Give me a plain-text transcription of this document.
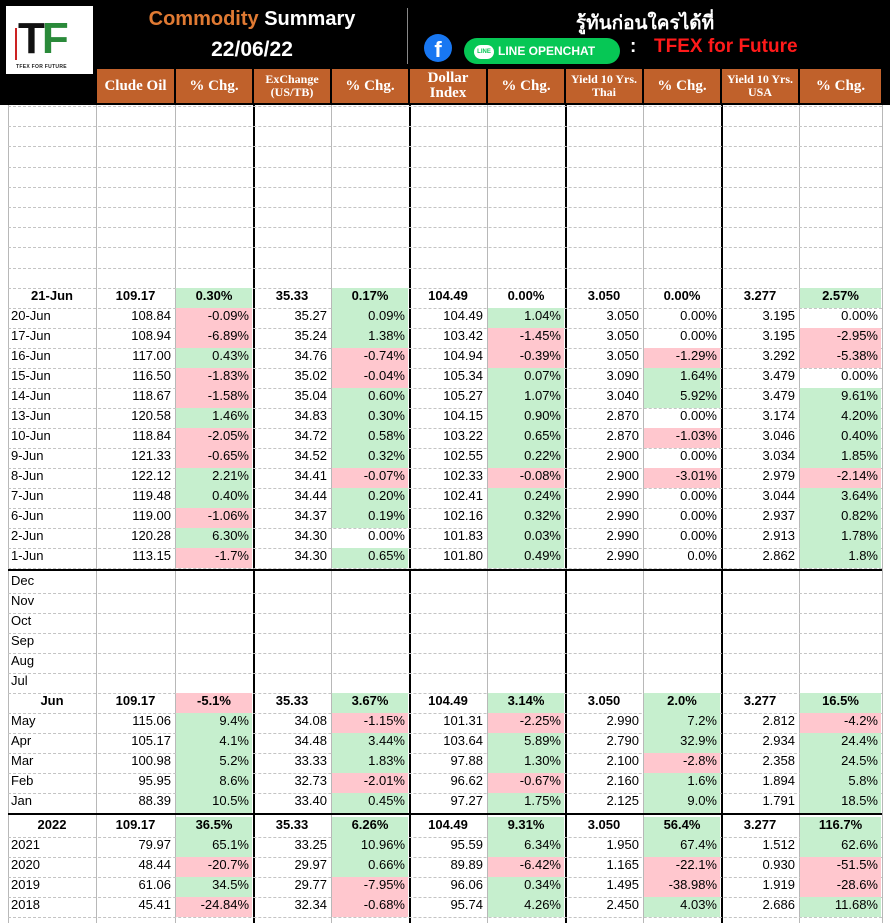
TF
TFEX FOR FUTURE
Commodity Summary
22/06/22
รู้ทันก่อนใครได้ที่
f	LINE LINE OPENCHAT	: TFEX for Future
Clude Oil	% Chg.	ExChange (US/TB)	% Chg.	Dollar Index	% Chg.	Yield 10 Yrs. Thai	% Chg.	Yield 10 Yrs. USA	% Chg.
21-Jun	109.17	0.30%	35.33	0.17%	104.49	0.00%	3.050	0.00%	3.277	2.57%
20-Jun	108.84	-0.09%	35.27	0.09%	104.49	1.04%	3.050	0.00%	3.195	0.00%
17-Jun	108.94	-6.89%	35.24	1.38%	103.42	-1.45%	3.050	0.00%	3.195	-2.95%
16-Jun	117.00	0.43%	34.76	-0.74%	104.94	-0.39%	3.050	-1.29%	3.292	-5.38%
15-Jun	116.50	-1.83%	35.02	-0.04%	105.34	0.07%	3.090	1.64%	3.479	0.00%
14-Jun	118.67	-1.58%	35.04	0.60%	105.27	1.07%	3.040	5.92%	3.479	9.61%
13-Jun	120.58	1.46%	34.83	0.30%	104.15	0.90%	2.870	0.00%	3.174	4.20%
10-Jun	118.84	-2.05%	34.72	0.58%	103.22	0.65%	2.870	-1.03%	3.046	0.40%
9-Jun	121.33	-0.65%	34.52	0.32%	102.55	0.22%	2.900	0.00%	3.034	1.85%
8-Jun	122.12	2.21%	34.41	-0.07%	102.33	-0.08%	2.900	-3.01%	2.979	-2.14%
7-Jun	119.48	0.40%	34.44	0.20%	102.41	0.24%	2.990	0.00%	3.044	3.64%
6-Jun	119.00	-1.06%	34.37	0.19%	102.16	0.32%	2.990	0.00%	2.937	0.82%
2-Jun	120.28	6.30%	34.30	0.00%	101.83	0.03%	2.990	0.00%	2.913	1.78%
1-Jun	113.15	-1.7%	34.30	0.65%	101.80	0.49%	2.990	0.0%	2.862	1.8%
Dec
Nov
Oct
Sep
Aug
Jul
Jun	109.17	-5.1%	35.33	3.67%	104.49	3.14%	3.050	2.0%	3.277	16.5%
May	115.06	9.4%	34.08	-1.15%	101.31	-2.25%	2.990	7.2%	2.812	-4.2%
Apr	105.17	4.1%	34.48	3.44%	103.64	5.89%	2.790	32.9%	2.934	24.4%
Mar	100.98	5.2%	33.33	1.83%	97.88	1.30%	2.100	-2.8%	2.358	24.5%
Feb	95.95	8.6%	32.73	-2.01%	96.62	-0.67%	2.160	1.6%	1.894	5.8%
Jan	88.39	10.5%	33.40	0.45%	97.27	1.75%	2.125	9.0%	1.791	18.5%
2022	109.17	36.5%	35.33	6.26%	104.49	9.31%	3.050	56.4%	3.277	116.7%
2021	79.97	65.1%	33.25	10.96%	95.59	6.34%	1.950	67.4%	1.512	62.6%
2020	48.44	-20.7%	29.97	0.66%	89.89	-6.42%	1.165	-22.1%	0.930	-51.5%
2019	61.06	34.5%	29.77	-7.95%	96.06	0.34%	1.495	-38.98%	1.919	-28.6%
2018	45.41	-24.84%	32.34	-0.68%	95.74	4.26%	2.450	4.03%	2.686	11.68%
